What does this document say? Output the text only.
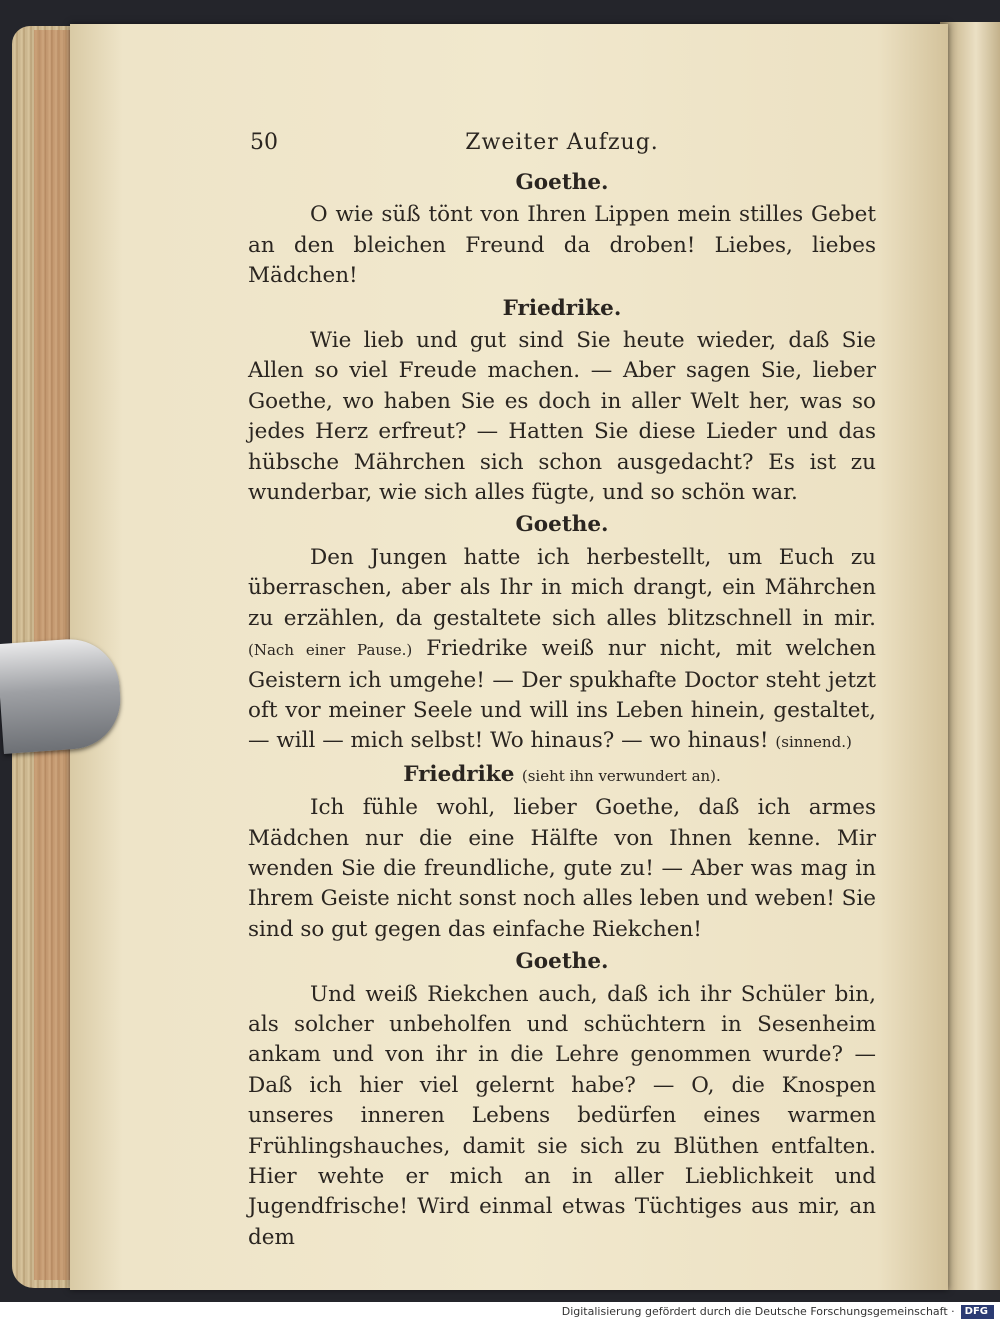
50	Zweiter Aufzug.
Goethe.

O wie süß tönt von Ihren Lippen mein stilles Gebet an den bleichen Freund da droben! Liebes, liebes Mädchen!

Friedrike.

Wie lieb und gut sind Sie heute wieder, daß Sie Allen so viel Freude machen. — Aber sagen Sie, lieber Goethe, wo haben Sie es doch in aller Welt her, was so jedes Herz erfreut? — Hatten Sie diese Lieder und das hübsche Mährchen sich schon ausgedacht? Es ist zu wunderbar, wie sich alles fügte, und so schön war.

Goethe.

Den Jungen hatte ich herbestellt, um Euch zu überraschen, aber als Ihr in mich drangt, ein Mährchen zu erzählen, da gestaltete sich alles blitzschnell in mir. (Nach einer Pause.) Friedrike weiß nur nicht, mit welchen Geistern ich umgehe! — Der spukhafte Doctor steht jetzt oft vor meiner Seele und will ins Leben hinein, gestaltet, — will — mich selbst! Wo hinaus? — wo hinaus! (sinnend.)

Friedrike (sieht ihn verwundert an).

Ich fühle wohl, lieber Goethe, daß ich armes Mädchen nur die eine Hälfte von Ihnen kenne. Mir wenden Sie die freundliche, gute zu! — Aber was mag in Ihrem Geiste nicht sonst noch alles leben und weben! Sie sind so gut gegen das einfache Riekchen!

Goethe.

Und weiß Riekchen auch, daß ich ihr Schüler bin, als solcher unbeholfen und schüchtern in Sesenheim ankam und von ihr in die Lehre genommen wurde? — Daß ich hier viel gelernt habe? — O, die Knospen unseres inneren Lebens bedürfen eines warmen Frühlingshauches, damit sie sich zu Blüthen entfalten. Hier wehte er mich an in aller Lieblichkeit und Jugendfrische! Wird einmal etwas Tüchtiges aus mir, an dem

Digitalisierung gefördert durch die Deutsche Forschungsgemeinschaft · DFG
